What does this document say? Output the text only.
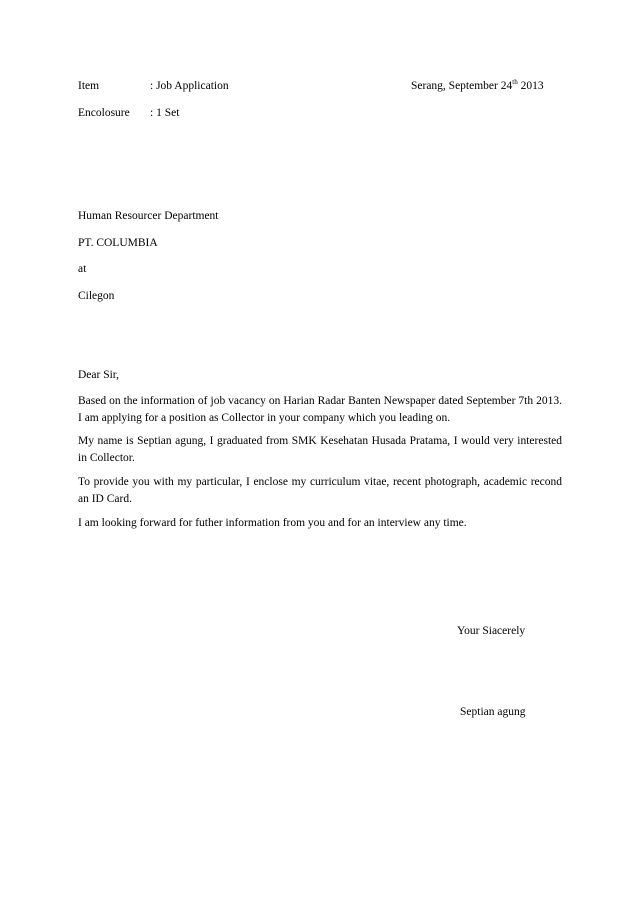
Item	: Job Application	Serang, September 24th 2013
Encolosure : 1 Set
Human Resourcer Department
PT. COLUMBIA
at
Cilegon
Dear Sir,
Based on the information of job vacancy on Harian Radar Banten Newspaper dated September 7th 2013. I am applying for a position as Collector in your company which you leading on.
My name is Septian agung, I graduated from SMK Kesehatan Husada Pratama, I would very interested in Collector.
To provide you with my particular, I enclose my curriculum vitae, recent photograph, academic recond an ID Card.
I am looking forward for futher information from you and for an interview any time.
Your Siacerely
Septian agung
